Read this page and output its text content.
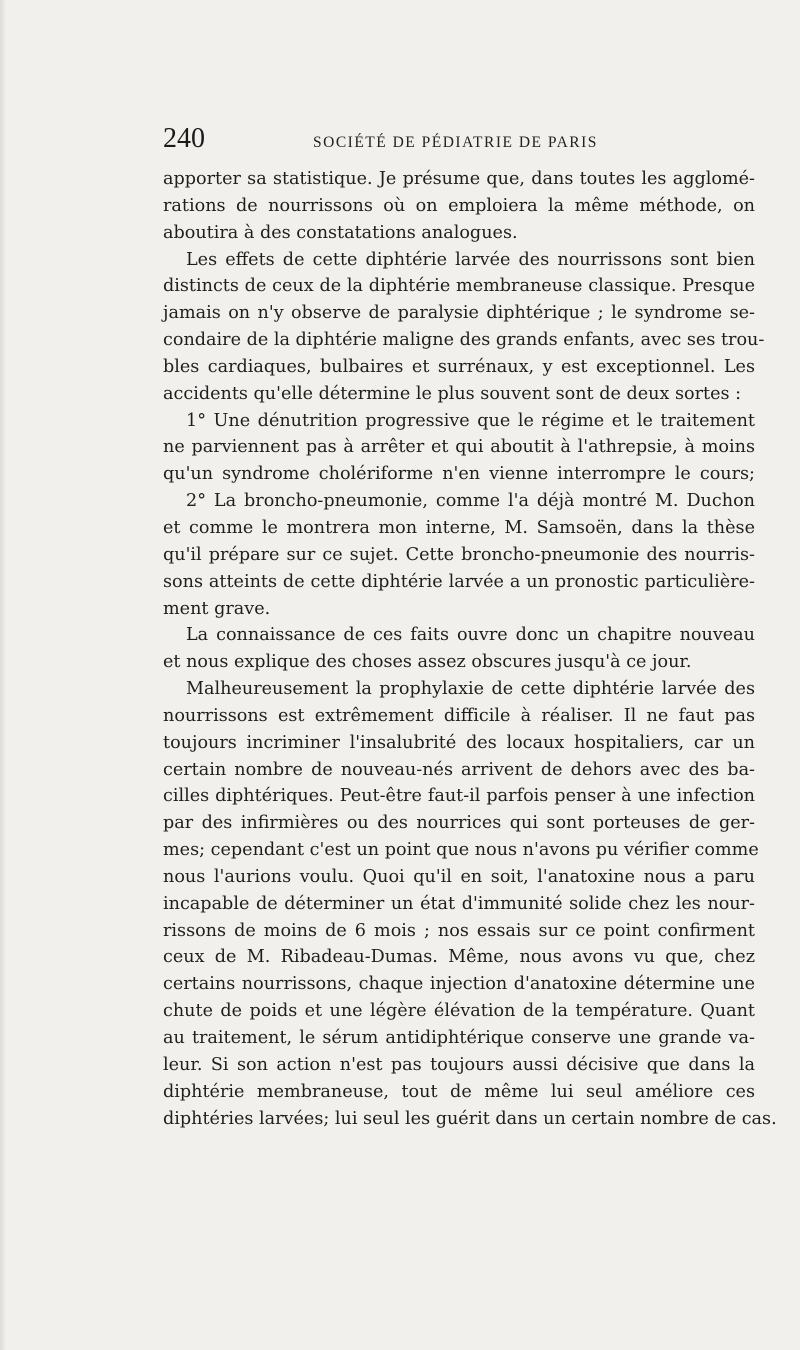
240	SOCIÉTÉ DE PÉDIATRIE DE PARIS
apporter sa statistique. Je présume que, dans toutes les agglomé-
rations de nourrissons où on emploiera la même méthode, on
aboutira à des constatations analogues.
Les effets de cette diphtérie larvée des nourrissons sont bien
distincts de ceux de la diphtérie membraneuse classique. Presque
jamais on n'y observe de paralysie diphtérique ; le syndrome se-
condaire de la diphtérie maligne des grands enfants, avec ses trou-
bles cardiaques, bulbaires et surrénaux, y est exceptionnel. Les
accidents qu'elle détermine le plus souvent sont de deux sortes :
1° Une dénutrition progressive que le régime et le traitement
ne parviennent pas à arrêter et qui aboutit à l'athrepsie, à moins
qu'un syndrome cholériforme n'en vienne interrompre le cours;
2° La broncho-pneumonie, comme l'a déjà montré M. Duchon
et comme le montrera mon interne, M. Samsoën, dans la thèse
qu'il prépare sur ce sujet. Cette broncho-pneumonie des nourris-
sons atteints de cette diphtérie larvée a un pronostic particulière-
ment grave.
La connaissance de ces faits ouvre donc un chapitre nouveau
et nous explique des choses assez obscures jusqu'à ce jour.
Malheureusement la prophylaxie de cette diphtérie larvée des
nourrissons est extrêmement difficile à réaliser. Il ne faut pas
toujours incriminer l'insalubrité des locaux hospitaliers, car un
certain nombre de nouveau-nés arrivent de dehors avec des ba-
cilles diphtériques. Peut-être faut-il parfois penser à une infection
par des infirmières ou des nourrices qui sont porteuses de ger-
mes; cependant c'est un point que nous n'avons pu vérifier comme
nous l'aurions voulu. Quoi qu'il en soit, l'anatoxine nous a paru
incapable de déterminer un état d'immunité solide chez les nour-
rissons de moins de 6 mois ; nos essais sur ce point confirment
ceux de M. Ribadeau-Dumas. Même, nous avons vu que, chez
certains nourrissons, chaque injection d'anatoxine détermine une
chute de poids et une légère élévation de la température. Quant
au traitement, le sérum antidiphtérique conserve une grande va-
leur. Si son action n'est pas toujours aussi décisive que dans la
diphtérie membraneuse, tout de même lui seul améliore ces
diphtéries larvées; lui seul les guérit dans un certain nombre de cas.
